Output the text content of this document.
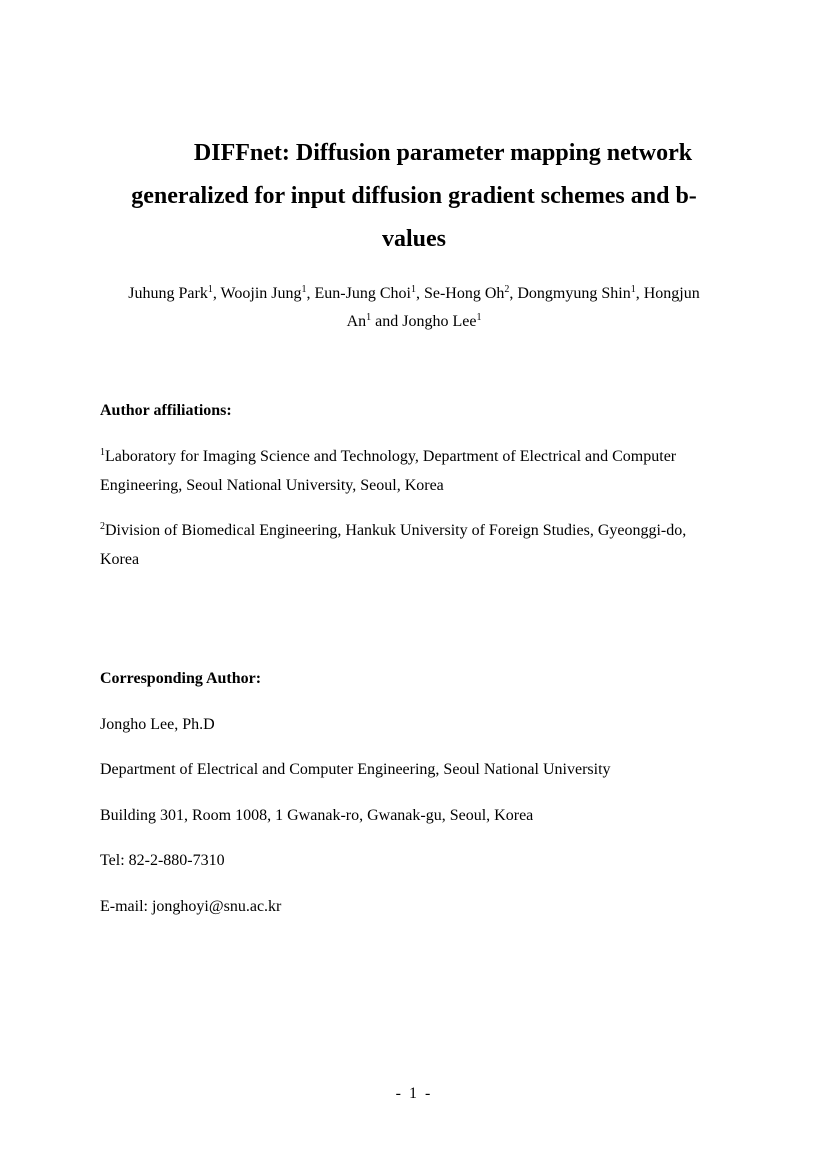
DIFFnet: Diffusion parameter mapping network
generalized for input diffusion gradient schemes and b-
values
Juhung Park$^1$, Woojin Jung$^1$, Eun-Jung Choi$^1$, Se-Hong Oh$^2$, Dongmyung Shin$^1$, Hongjun
An$^1$ and Jongho Lee$^1$
Author affiliations:

$^1$Laboratory for Imaging Science and Technology, Department of Electrical and Computer
Engineering, Seoul National University, Seoul, Korea

$^2$Division of Biomedical Engineering, Hankuk University of Foreign Studies, Gyeonggi-do,
Korea

Corresponding Author:

Jongho Lee, Ph.D

Department of Electrical and Computer Engineering, Seoul National University

Building 301, Room 1008, 1 Gwanak-ro, Gwanak-gu, Seoul, Korea

Tel: 82-2-880-7310

E-mail: jonghoyi@snu.ac.kr

- 1 -
